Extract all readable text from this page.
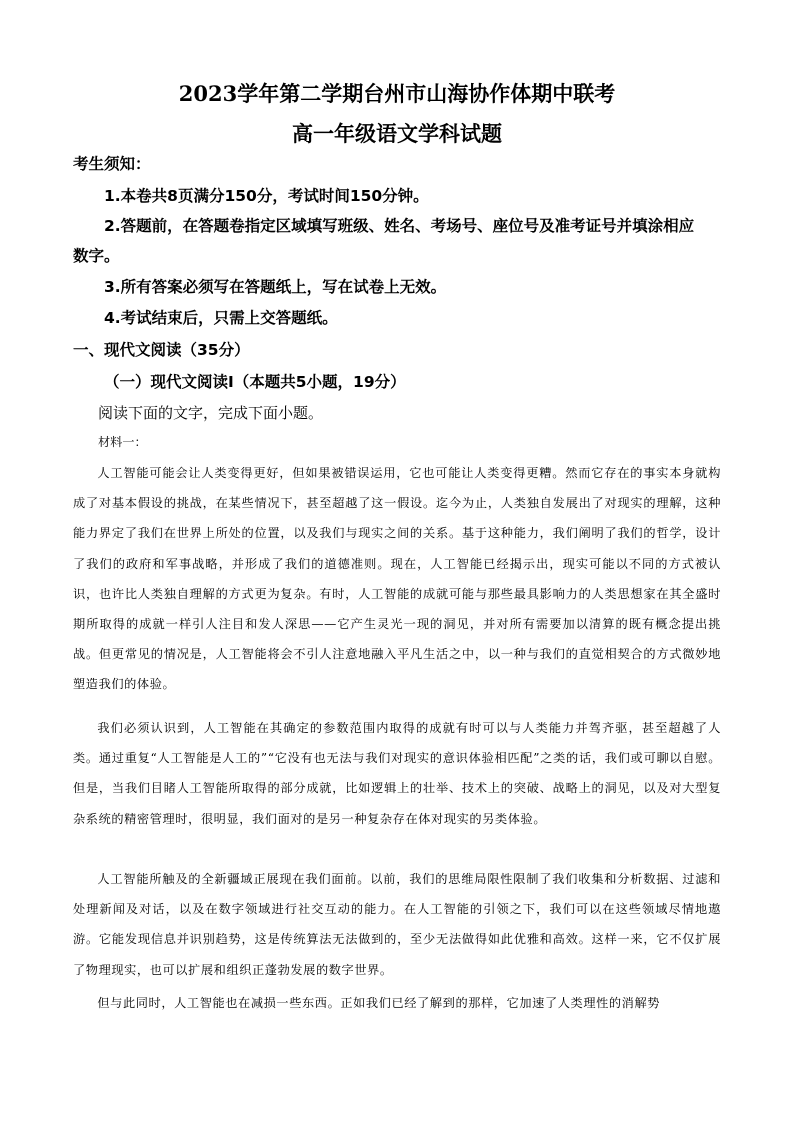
2023学年第二学期台州市山海协作体期中联考
高一年级语文学科试题
考生须知：
1.本卷共8页满分150分，考试时间150分钟。
2.答题前，在答题卷指定区域填写班级、姓名、考场号、座位号及准考证号并填涂相应
数字。
3.所有答案必须写在答题纸上，写在试卷上无效。
4.考试结束后，只需上交答题纸。
一、现代文阅读（35分）
（一）现代文阅读Ⅰ（本题共5小题，19分）
阅读下面的文字，完成下面小题。
材料一：

人工智能可能会让人类变得更好，但如果被错误运用，它也可能让人类变得更糟。然而它存在的事实本身就构成了对基本假设的挑战，在某些情况下，甚至超越了这一假设。迄今为止，人类独自发展出了对现实的理解，这种能力界定了我们在世界上所处的位置，以及我们与现实之间的关系。基于这种能力，我们阐明了我们的哲学，设计了我们的政府和军事战略，并形成了我们的道德准则。现在，人工智能已经揭示出，现实可能以不同的方式被认识，也许比人类独自理解的方式更为复杂。有时，人工智能的成就可能与那些最具影响力的人类思想家在其全盛时期所取得的成就一样引人注目和发人深思——它产生灵光一现的洞见，并对所有需要加以清算的既有概念提出挑战。但更常见的情况是，人工智能将会不引人注意地融入平凡生活之中，以一种与我们的直觉相契合的方式微妙地塑造我们的体验。

我们必须认识到，人工智能在其确定的参数范围内取得的成就有时可以与人类能力并驾齐驱，甚至超越了人类。通过重复“人工智能是人工的”“它没有也无法与我们对现实的意识体验相匹配”之类的话，我们或可聊以自慰。但是，当我们目睹人工智能所取得的部分成就，比如逻辑上的壮举、技术上的突破、战略上的洞见，以及对大型复杂系统的精密管理时，很明显，我们面对的是另一种复杂存在体对现实的另类体验。

人工智能所触及的全新疆域正展现在我们面前。以前，我们的思维局限性限制了我们收集和分析数据、过滤和处理新闻及对话，以及在数字领域进行社交互动的能力。在人工智能的引领之下，我们可以在这些领域尽情地遨游。它能发现信息并识别趋势，这是传统算法无法做到的，至少无法做得如此优雅和高效。这样一来，它不仅扩展了物理现实，也可以扩展和组织正蓬勃发展的数字世界。

但与此同时，人工智能也在减损一些东西。正如我们已经了解到的那样，它加速了人类理性的消解势
